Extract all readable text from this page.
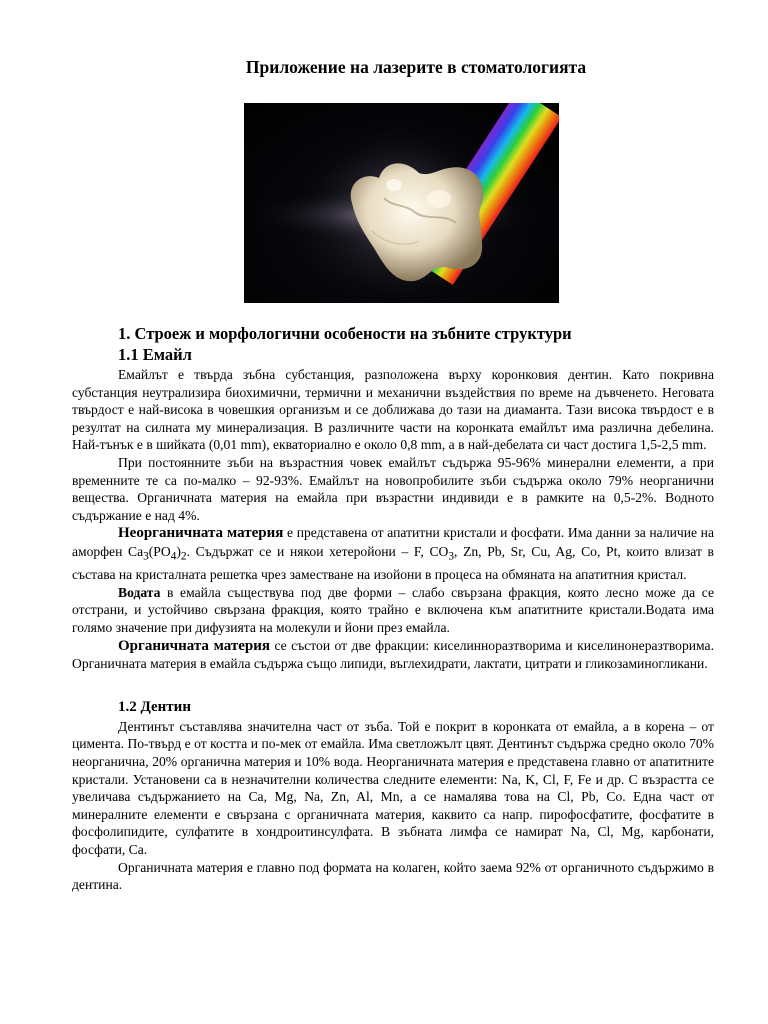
Приложение на лазерите в стоматологията
1. Строеж и морфологични особености на зъбните структури
1.1 Емайл

Емайлът е твърда зъбна субстанция, разположена върху коронковия дентин. Като покривна субстанция неутрализира биохимични, термични и механични въздействия по време на дъвченето. Неговата твърдост е най-висока в човешкия организъм и се доближава до тази на диаманта. Тази висока твърдост е в резултат на силната му минерализация. В различните части на коронката емайлът има различна дебелина. Най-тънък е в шийката (0,01 mm), екваториално е около 0,8 mm, а в най-дебелата си част достига 1,5-2,5 mm.

При постоянните зъби на възрастния човек емайлът съдържа 95-96% минерални елементи, а при временните те са по-малко – 92-93%. Емайлът на новопробилите зъби съдържа около 79% неорганични вещества. Органичната материя на емайла при възрастни индивиди е в рамките на 0,5-2%. Водното съдържание е над 4%.

Неорганичната материя е представена от апатитни кристали и фосфати. Има данни за наличие на аморфен $Ca_3(PO_4)_2$. Съдържат се и някои хетеройони – F, $CO_3$, Zn, Pb, Sr, Cu, Ag, Co, Pt, които влизат в състава на кристалната решетка чрез заместване на изойони в процеса на обмяната на апатитния кристал.

Водата в емайла съществува под две форми – слабо свързана фракция, която лесно може да се отстрани, и устойчиво свързана фракция, която трайно е включена към апатитните кристали.Водата има голямо значение при дифузията на молекули и йони през емайла.

Органичната материя се състои от две фракции: киселинноразтворима и киселинонеразтворима. Органичната материя в емайла съдържа също липиди, въглехидрати, лактати, цитрати и гликозаминогликани.

1.2 Дентин

Дентинът съставлява значителна част от зъба. Той е покрит в коронката от емайла, а в корена – от цимента. По-твърд е от костта и по-мек от емайла. Има светложълт цвят. Дентинът съдържа средно около 70% неорганична, 20% органична материя и 10% вода. Неорганичната материя е представена главно от апатитните кристали. Установени са в незначителни количества следните елементи: Na, K, Cl, F, Fe и др. С възрастта се увеличава съдържанието на Ca, Mg, Na, Zn, Al, Mn, а се намалява това на Cl, Pb, Co. Една част от минералните елементи е свързана с органичната материя, каквито са напр. пирофосфатите, фосфатите в фосфолипидите, сулфатите в хондроитинсулфата. В зъбната лимфа се намират Na, Cl, Mg, карбонати, фосфати, Ca.

Органичната материя е главно под формата на колаген, който заема 92% от органичното съдържимо в дентина.
